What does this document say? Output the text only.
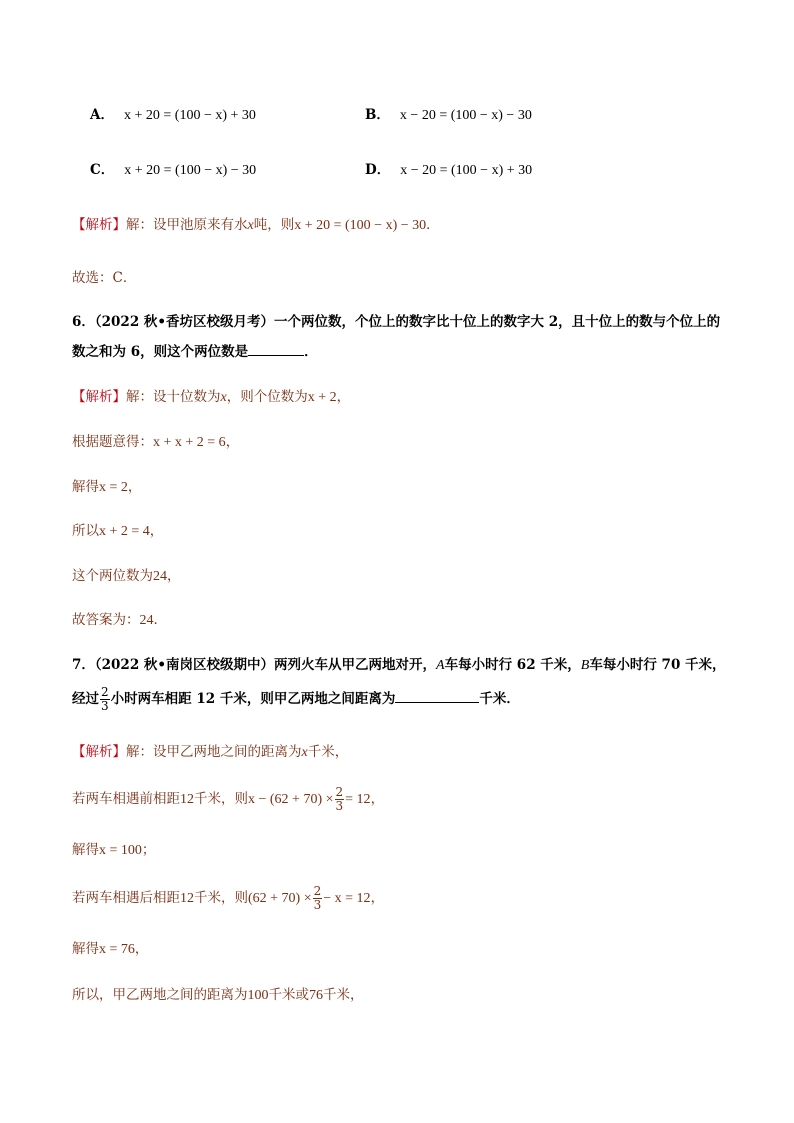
A． x + 20 = (100 − x) + 30	B． x − 20 = (100 − x) − 30
C． x + 20 = (100 − x) − 30	D． x − 20 = (100 − x) + 30
【解析】解：设甲池原来有水x吨，则x + 20 = (100 − x) − 30．
故选：C．
6．（2022 秋•香坊区校级月考）一个两位数，个位上的数字比十位上的数字大 2，且十位上的数与个位上的
数之和为 6，则这个两位数是	．
【解析】解：设十位数为x，则个位数为x + 2，
根据题意得：x + x + 2 = 6，
解得x = 2，
所以x + 2 = 4，
这个两位数为24，
故答案为：24．
7．（2022 秋•南岗区校级期中）两列火车从甲乙两地对开，A车每小时行 62 千米，B车每小时行 70 千米，
经过 $\frac{2}{3}$ 小时两车相距 12 千米，则甲乙两地之间距离为	千米．
【解析】解：设甲乙两地之间的距离为x千米，
若两车相遇前相距12千米，则$x - (62 + 70) \times \frac{2}{3} = 12$，
解得x = 100；
若两车相遇后相距12千米，则$(62 + 70) \times \frac{2}{3} - x = 12$，
解得x = 76，
所以，甲乙两地之间的距离为100千米或76千米，
